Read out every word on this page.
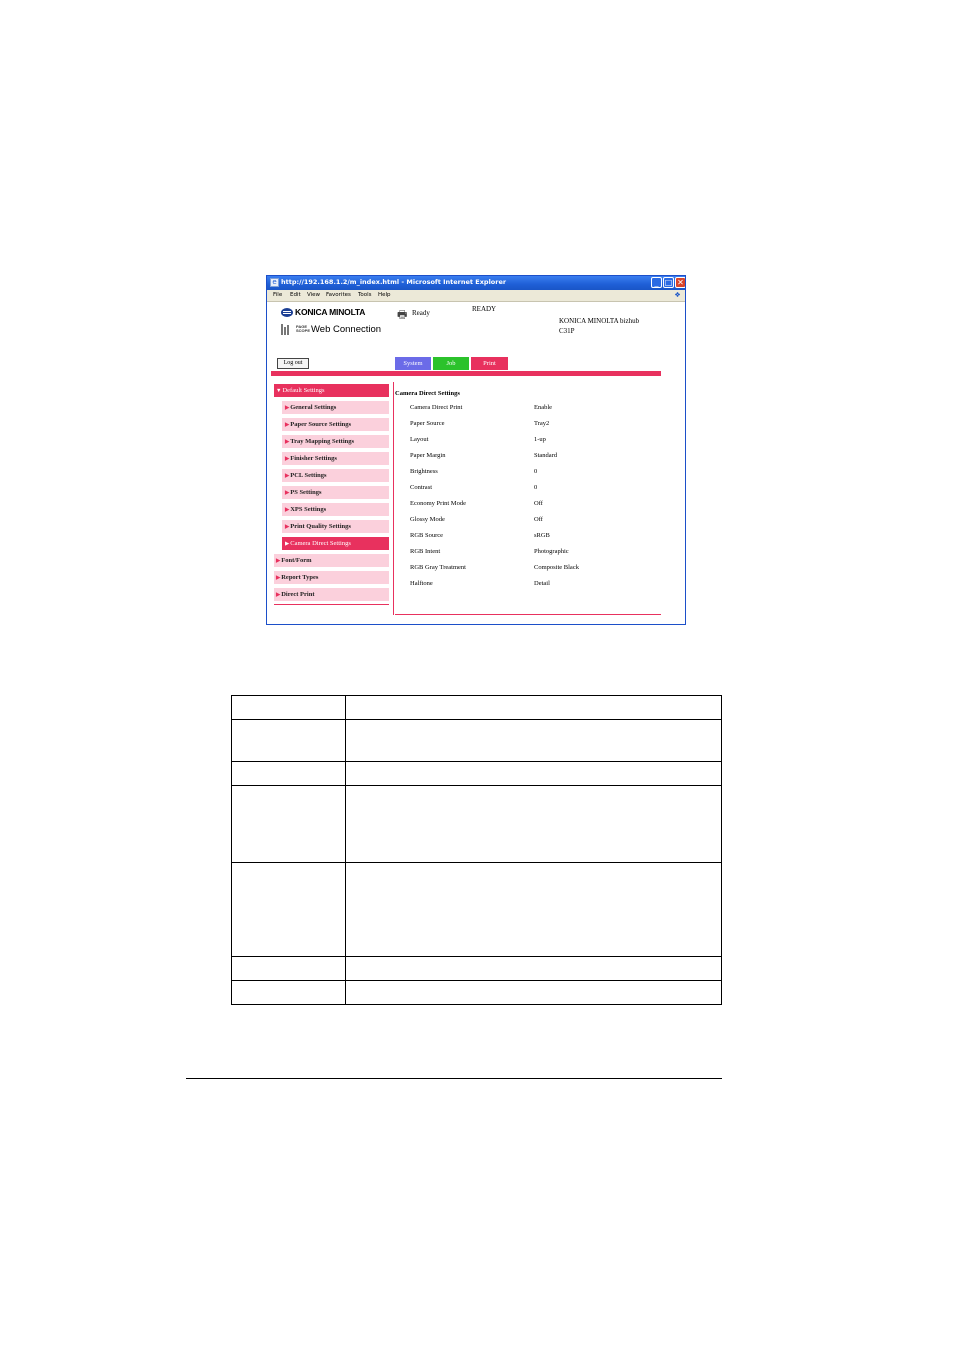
e http://192.168.1.2/m_index.html - Microsoft Internet Explorer	_ □ ✕
File Edit View Favorites Tools Help	❖
KONICA MINOLTA
PAGE
SCOPE Web Connection
🖶 Ready	READY
KONICA MINOLTA bizhub
C31P
Log out	System	Job	Print
▼Default Settings
▶General Settings
▶Paper Source Settings
▶Tray Mapping Settings
▶Finisher Settings
▶PCL Settings
▶PS Settings
▶XPS Settings
▶Print Quality Settings
▶Camera Direct Settings
▶Font/Form
▶Report Types
▶Direct Print
Camera Direct Settings
Camera Direct Print	Enable
Paper Source	Tray2
Layout	1-up
Paper Margin	Standard
Brightness	0
Contrast	0
Economy Print Mode	Off
Glossy Mode	Off
RGB Source	sRGB
RGB Intent	Photographic
RGB Gray Treatment	Composite Black
Halftone	Detail
